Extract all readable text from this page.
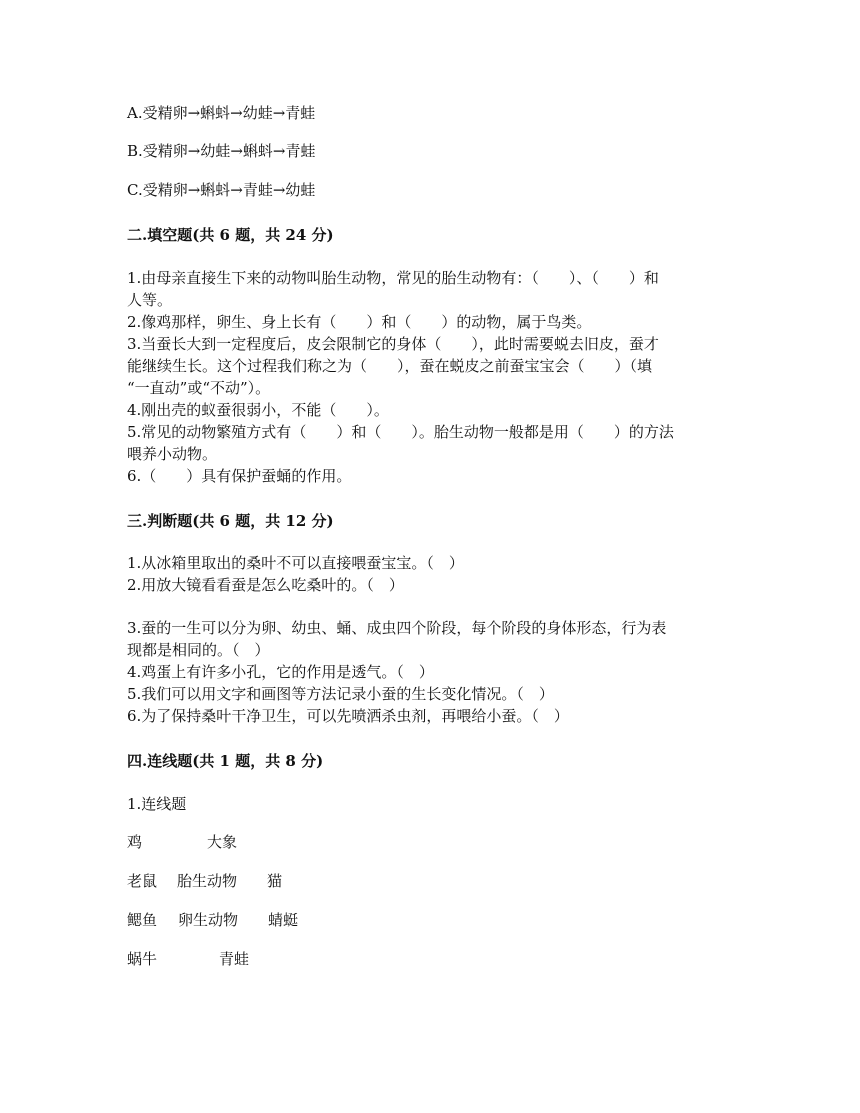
A.受精卵→蝌蚪→幼蛙→青蛙
B.受精卵→幼蛙→蝌蚪→青蛙
C.受精卵→蝌蚪→青蛙→幼蛙
二.填空题(共 6 题，共 24 分)
1.由母亲直接生下来的动物叫胎生动物，常见的胎生动物有：（　　）、（　　）和
人等。
2.像鸡那样，卵生、身上长有（　　）和（　　）的动物，属于鸟类。
3.当蚕长大到一定程度后，皮会限制它的身体（　　），此时需要蜕去旧皮，蚕才
能继续生长。这个过程我们称之为（　　），蚕在蜕皮之前蚕宝宝会（　　）（填
“一直动”或“不动”）。
4.刚出壳的蚁蚕很弱小，不能（　　）。
5.常见的动物繁殖方式有（　　）和（　　）。胎生动物一般都是用（　　）的方法
喂养小动物。
6.（　　）具有保护蚕蛹的作用。
三.判断题(共 6 题，共 12 分)
1.从冰箱里取出的桑叶不可以直接喂蚕宝宝。（　）
2.用放大镜看看蚕是怎么吃桑叶的。（　）
3.蚕的一生可以分为卵、幼虫、蛹、成虫四个阶段，每个阶段的身体形态，行为表
现都是相同的。（　）
4.鸡蛋上有许多小孔，它的作用是透气。（　）
5.我们可以用文字和画图等方法记录小蚕的生长变化情况。（　）
6.为了保持桑叶干净卫生，可以先喷洒杀虫剂，再喂给小蚕。（　）
四.连线题(共 1 题，共 8 分)
1.连线题
鸡	大象
老鼠 胎生动物 猫
鳃鱼 卵生动物 蜻蜓
蜗牛	青蛙
